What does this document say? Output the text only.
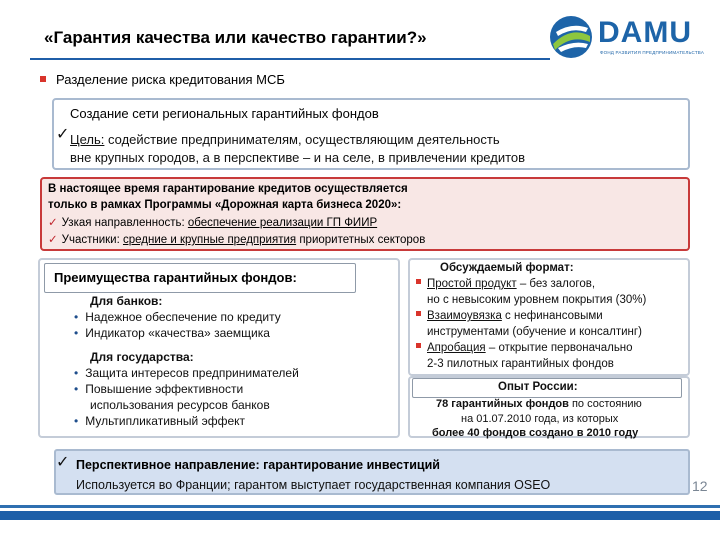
«Гарантия качества или качество гарантии?»	DAMU
ФОНД РАЗВИТИЯ ПРЕДПРИНИМАТЕЛЬСТВА
Разделение риска кредитования МСБ
Создание сети региональных гарантийных фондов
✓ Цель: содействие предпринимателям, осуществляющим деятельность
вне крупных городов, а в перспективе – и на селе, в привлечении кредитов
В настоящее время гарантирование кредитов осуществляется
только в рамках Программы «Дорожная карта бизнеса 2020»:
✓ Узкая направленность: обеспечение реализации ГП ФИИР
✓ Участники: средние и крупные предприятия приоритетных секторов
Преимущества гарантийных фондов:
Для банков:
• Надежное обеспечение по кредиту
• Индикатор «качества» заемщика
Для государства:
• Защита интересов предпринимателей
• Повышение эффективности
использования ресурсов банков
• Мультипликативный эффект
Обсуждаемый формат:
Простой продукт – без залогов,
но с невысоким уровнем покрытия (30%)
Взаимоувязка с нефинансовыми
инструментами (обучение и консалтинг)
Апробация – открытие первоначально
2-3 пилотных гарантийных фондов
Опыт России:
78 гарантийных фондов по состоянию
на 01.07.2010 года, из которых
более 40 фондов создано в 2010 году
✓ Перспективное направление: гарантирование инвестиций
Используется во Франции; гарантом выступает государственная компания OSEO	12
